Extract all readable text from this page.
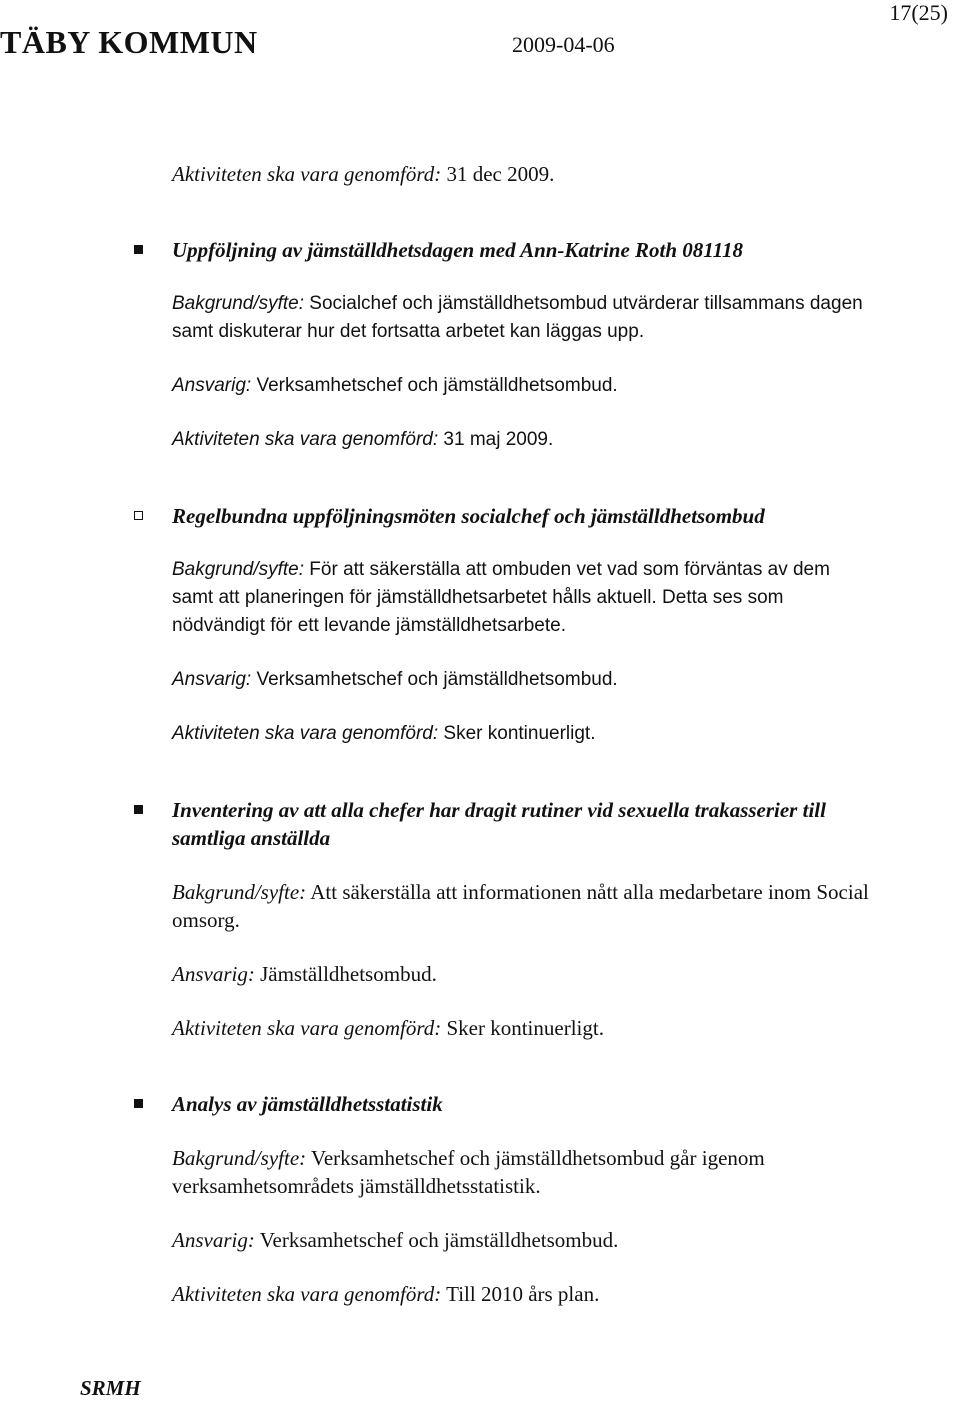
17(25)
TÄBY KOMMUN	2009-04-06

Aktiviteten ska vara genomförd: 31 dec 2009.

Uppföljning av jämställdhetsdagen med Ann-Katrine Roth 081118

Bakgrund/syfte: Socialchef och jämställdhetsombud utvärderar tillsammans dagen samt diskuterar hur det fortsatta arbetet kan läggas upp.

Ansvarig: Verksamhetschef och jämställdhetsombud.

Aktiviteten ska vara genomförd: 31 maj 2009.

Regelbundna uppföljningsmöten socialchef och jämställdhetsombud

Bakgrund/syfte: För att säkerställa att ombuden vet vad som förväntas av dem samt att planeringen för jämställdhetsarbetet hålls aktuell. Detta ses som nödvändigt för ett levande jämställdhetsarbete.

Ansvarig: Verksamhetschef och jämställdhetsombud.

Aktiviteten ska vara genomförd: Sker kontinuerligt.

Inventering av att alla chefer har dragit rutiner vid sexuella trakasserier till samtliga anställda

Bakgrund/syfte: Att säkerställa att informationen nått alla medarbetare inom Social omsorg.

Ansvarig: Jämställdhetsombud.

Aktiviteten ska vara genomförd: Sker kontinuerligt.

Analys av jämställdhetsstatistik

Bakgrund/syfte: Verksamhetschef och jämställdhetsombud går igenom verksamhetsområdets jämställdhetsstatistik.

Ansvarig: Verksamhetschef och jämställdhetsombud.

Aktiviteten ska vara genomförd: Till 2010 års plan.

SRMH
